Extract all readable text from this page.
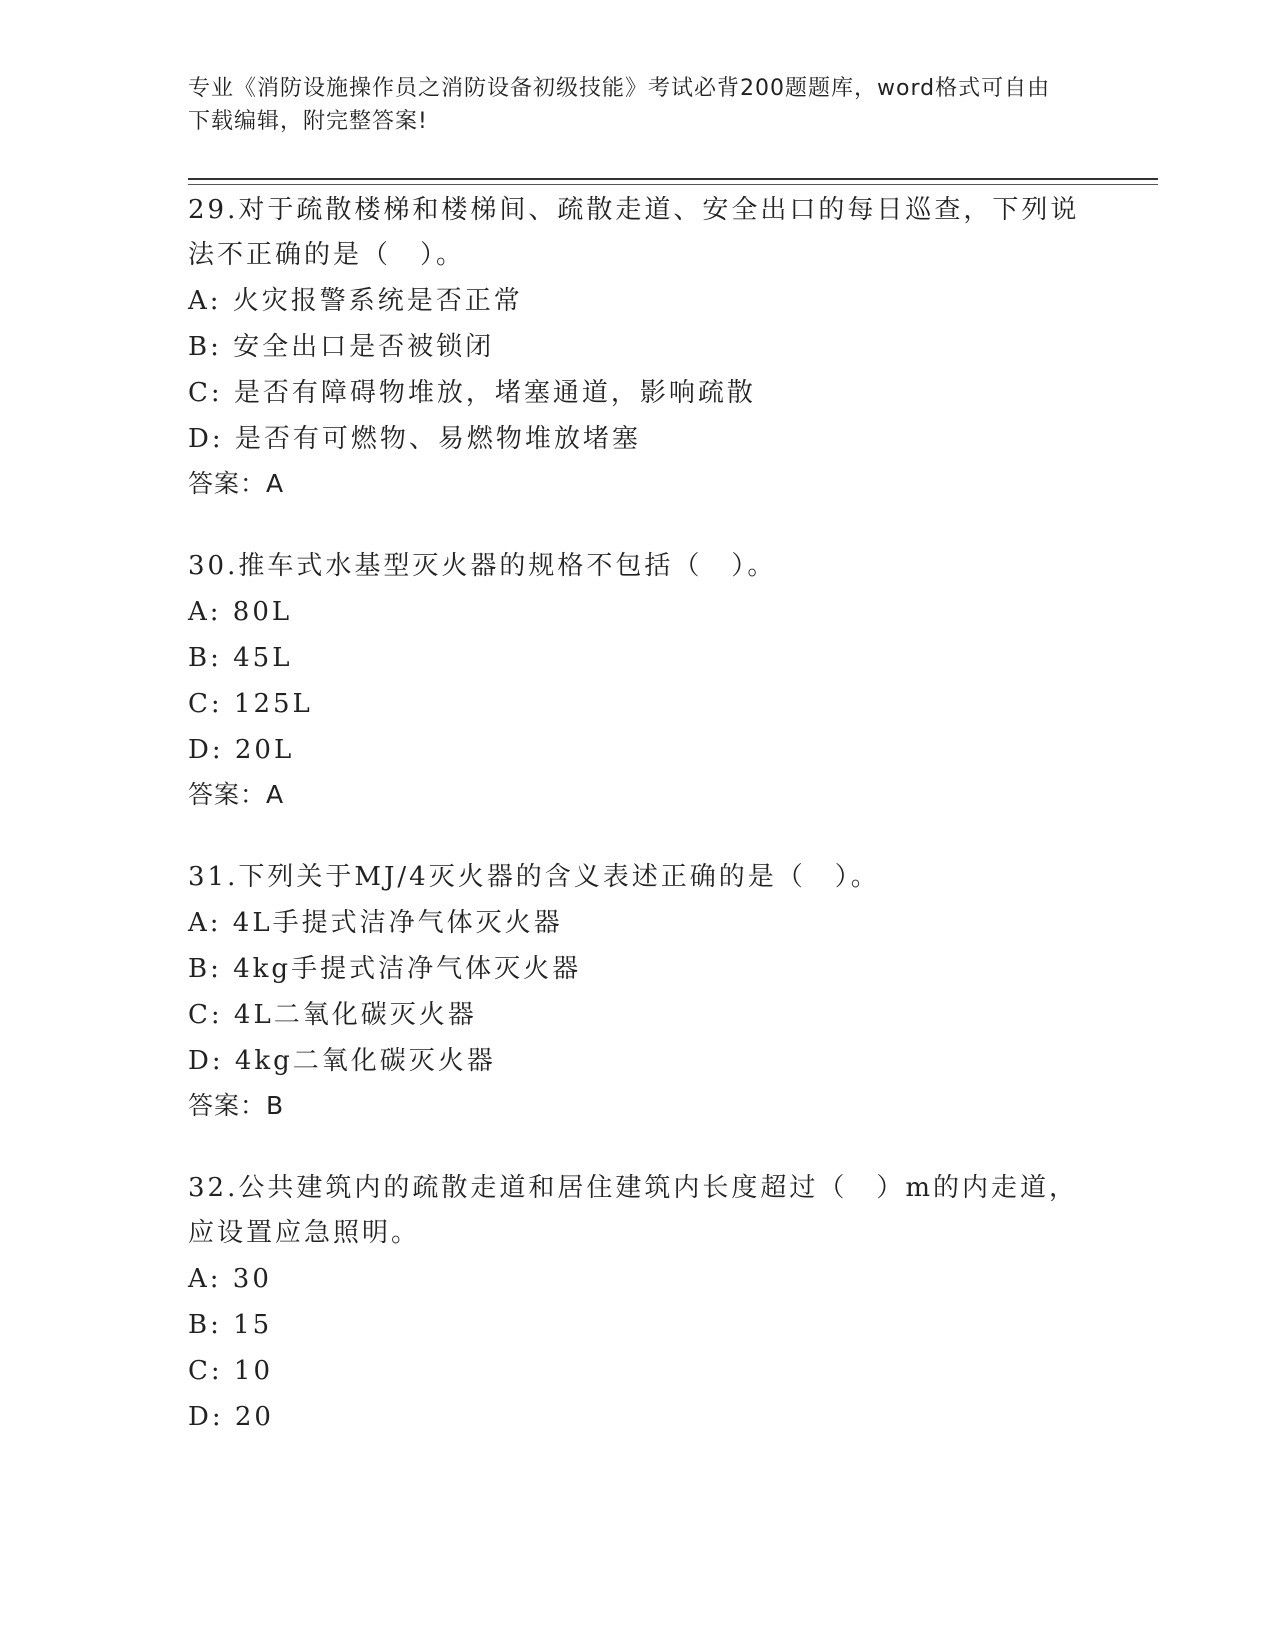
专业《消防设施操作员之消防设备初级技能》考试必背200题题库，word格式可自由下载编辑，附完整答案!

29.对于疏散楼梯和楼梯间、疏散走道、安全出口的每日巡查，下列说法不正确的是（　）。

A: 火灾报警系统是否正常

B: 安全出口是否被锁闭

C: 是否有障碍物堆放，堵塞通道，影响疏散

D: 是否有可燃物、易燃物堆放堵塞

答案：A

30.推车式水基型灭火器的规格不包括（　）。

A: 80L

B: 45L

C: 125L

D: 20L

答案：A

31.下列关于MJ/4灭火器的含义表述正确的是（　）。

A: 4L手提式洁净气体灭火器

B: 4kg手提式洁净气体灭火器

C: 4L二氧化碳灭火器

D: 4kg二氧化碳灭火器

答案：B

32.公共建筑内的疏散走道和居住建筑内长度超过（　）m的内走道，应设置应急照明。

A: 30

B: 15

C: 10

D: 20
